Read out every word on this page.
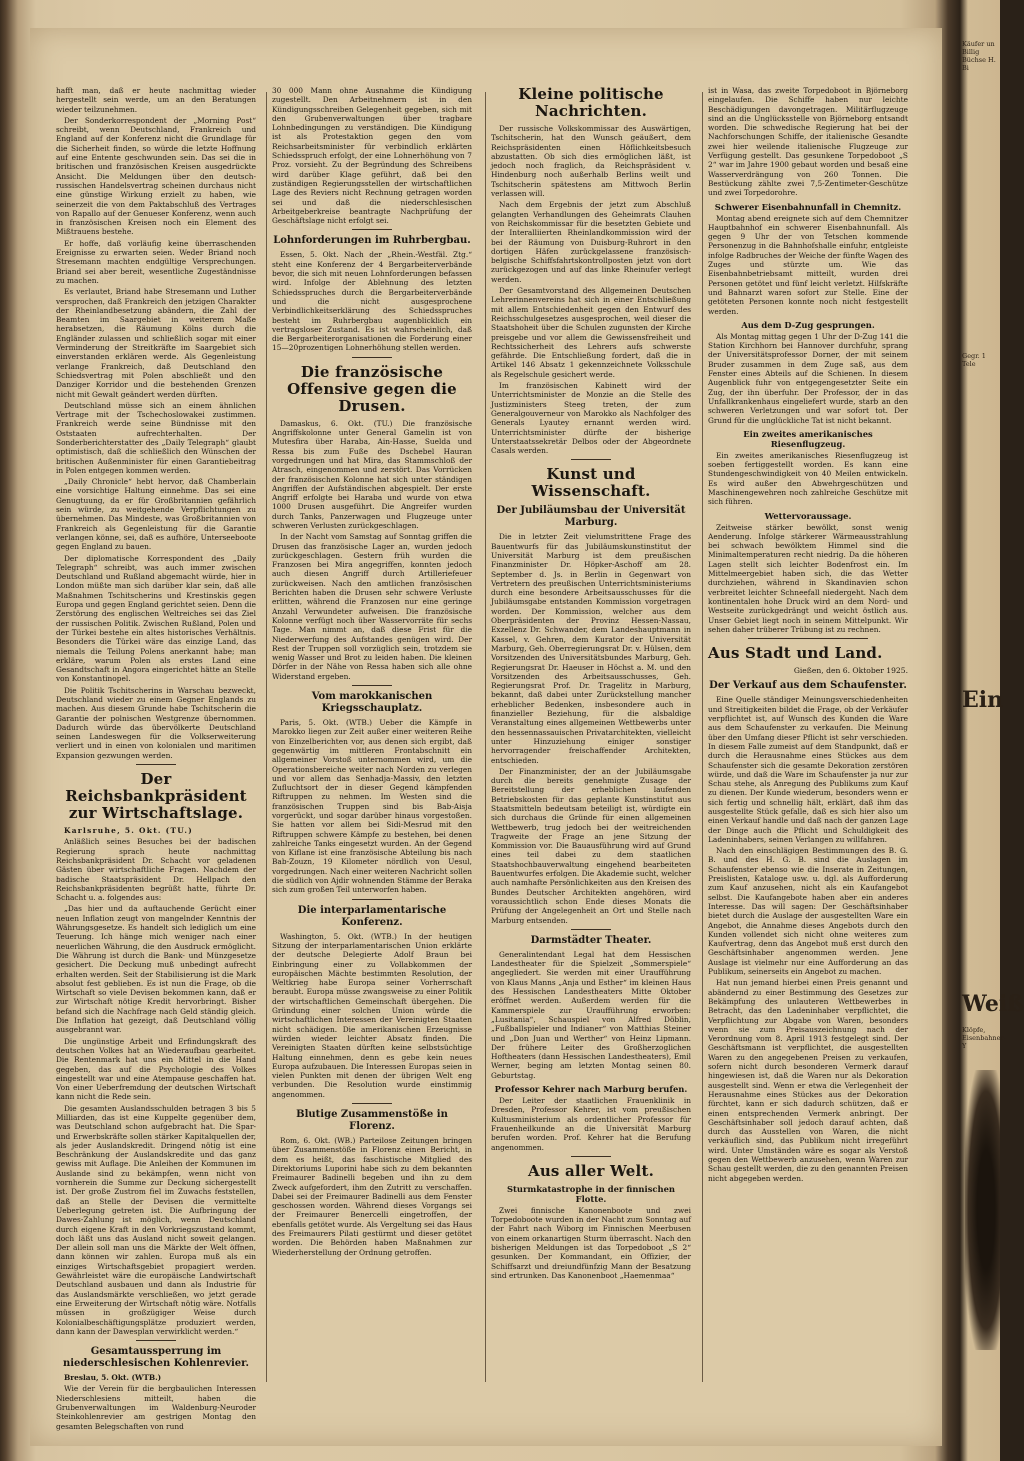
hafft man, daß er heute nachmittag wieder hergestellt sein werde, um an den Beratungen wieder teilzunehmen.

Der Sonderkorrespondent der „Morning Post“ schreibt, wenn Deutschland, Frankreich und England auf der Konferenz nicht die Grundlage für die Sicherheit finden, so würde die letzte Hoffnung auf eine Entente geschwunden sein. Das sei die in britischen und französischen Kreisen ausgedrückte Ansicht. Die Meldungen über den deutsch-russischen Handelsvertrag scheinen durchaus nicht eine günstige Wirkung erzielt zu haben, wie seinerzeit die von dem Paktabschluß des Vertrages von Rapallo auf der Genueser Konferenz, wenn auch in französischen Kreisen noch ein Element des Mißtrauens bestehe.

Er hoffe, daß vorläufig keine überraschenden Ereignisse zu erwarten seien. Weder Briand noch Stresemann machten endgültige Versprechungen. Briand sei aber bereit, wesentliche Zugeständnisse zu machen.

Es verlautet, Briand habe Stresemann und Luther versprochen, daß Frankreich den jetzigen Charakter der Rheinlandbesetzung abändern, die Zahl der Beamten im Saargebiet in weiterem Maße herabsetzen, die Räumung Kölns durch die Engländer zulassen und schließlich sogar mit einer Verminderung der Streitkräfte im Saargebiet sich einverstanden erklären werde. Als Gegenleistung verlange Frankreich, daß Deutschland den Schiedsvertrag mit Polen abschließt und den Danziger Korridor und die bestehenden Grenzen nicht mit Gewalt geändert werden dürften.

Deutschland müsse sich an einem ähnlichen Vertrage mit der Tschechoslowakei zustimmen. Frankreich werde seine Bündnisse mit den Oststaaten aufrechterhalten. Der Sonderberichterstatter des „Daily Telegraph“ glaubt optimistisch, daß die schließlich den Wünschen der britischen Außenminister für einen Garantiebeitrag in Polen entgegen kommen werden.

„Daily Chronicle“ hebt hervor, daß Chamberlain eine vorsichtige Haltung einnehme. Das sei eine Genugtuung, da er für Großbritannien gefährlich sein würde, zu weitgehende Verpflichtungen zu übernehmen. Das Mindeste, was Großbritannien von Frankreich als Gegenleistung für die Garantie verlangen könne, sei, daß es aufhöre, Unterseeboote gegen England zu bauen.

Der diplomatische Korrespondent des „Daily Telegraph“ schreibt, was auch immer zwischen Deutschland und Rußland abgemacht würde, hier in London müßte man sich darüber klar sein, daß alle Maßnahmen Tschitscherins und Krestinskis gegen Europa und gegen England gerichtet seien. Denn die Zerstörung des englischen Weltreiches sei das Ziel der russischen Politik. Zwischen Rußland, Polen und der Türkei bestehe ein altes historisches Verhältnis. Besonders die Türkei wäre das einzige Land, das niemals die Teilung Polens anerkannt habe; man erkläre, warum Polen als erstes Land eine Gesandtschaft in Angora eingerichtet hätte an Stelle von Konstantinopel.

Die Politik Tschitscherins in Warschau bezweckt, Deutschland wieder zu einem Gegner Englands zu machen. Aus diesem Grunde habe Tschitscherin die Garantie der polnischen Westgrenze übernommen. Dadurch würde das übervölkerte Deutschland seinen Landeswegen für die Volkserweiterung verliert und in einen von kolonialen und maritimen Expansion gezwungen werden.

Der Reichsbankpräsident zur Wirtschaftslage.

Karlsruhe, 5. Okt. (TU.)

Anläßlich seines Besuches bei der badischen Regierung sprach heute nachmittag Reichsbankpräsident Dr. Schacht vor geladenen Gästen über wirtschaftliche Fragen. Nachdem der badische Staatspräsident Dr. Hellpach den Reichsbankpräsidenten begrüßt hatte, führte Dr. Schacht u. a. folgendes aus:

„Das hier und da auftauchende Gerücht einer neuen Inflation zeugt von mangelnder Kenntnis der Währungsgesetze. Es handelt sich lediglich um eine Teuerung. Ich hänge mich weniger nach einer neuerlichen Währung, die den Ausdruck ermöglicht. Die Währung ist durch die Bank- und Münzgesetze gesichert. Die Deckung muß unbedingt aufrecht erhalten werden. Seit der Stabilisierung ist die Mark absolut fest geblieben. Es ist nun die Frage, ob die Wirtschaft so viele Devisen bekommen kann, daß er zur Wirtschaft nötige Kredit hervorbringt. Bisher befand sich die Nachfrage nach Geld ständig gleich. Die Inflation hat gezeigt, daß Deutschland völlig ausgebrannt war.

Die ungünstige Arbeit und Erfindungskraft des deutschen Volkes hat an Wiederaufbau gearbeitet. Die Rentenmark hat uns ein Mittel in die Hand gegeben, das auf die Psychologie des Volkes eingestellt war und eine Atempause geschaffen hat. Von einer Ueberfremdung der deutschen Wirtschaft kann nicht die Rede sein.

Die gesamten Auslandsschulden betragen 3 bis 5 Milliarden, das ist eine Kuppelte gegenüber dem, was Deutschland schon aufgebracht hat. Die Spar- und Erwerbskräfte sollen stärker Kapitalquellen der, als jeder Auslandskredit. Dringend nötig ist eine Beschränkung der Auslandskredite und das ganz gewiss mit Auflage. Die Anleihen der Kommunen im Auslande sind zu bekämpfen, wenn nicht von vornherein die Summe zur Deckung sichergestellt ist. Der große Zustrom fiel im Zuwachs feststellen, daß an Stelle der Devisen die vermittelte Ueberlegung getreten ist. Die Aufbringung der Dawes-Zahlung ist möglich, wenn Deutschland durch eigene Kraft in den Vorkriegszustand kommt, doch läßt uns das Ausland nicht soweit gelangen. Der allein soll man uns die Märkte der Welt öffnen, dann können wir zahlen. Europa muß als ein einziges Wirtschaftsgebiet propagiert werden. Gewährleistet wäre die europäische Landwirtschaft Deutschland ausbauen und dann als Industrie für das Auslandsmärkte verschließen, wo jetzt gerade eine Erweiterung der Wirtschaft nötig wäre. Notfalls müssen in großzügiger Weise durch Kolonialbeschäftigungsplätze produziert werden, dann kann der Dawesplan verwirklicht werden.“

Gesamtaussperrung im niederschlesischen Kohlenrevier.

Breslau, 5. Okt. (WTB.)

Wie der Verein für die bergbaulichen Interessen Niederschlesiens mitteilt, haben die Grubenverwaltungen im Waldenburg-Neuroder Steinkohlenrevier am gestrigen Montag den gesamten Belegschaften von rund

30 000 Mann ohne Ausnahme die Kündigung zugestellt. Den Arbeitnehmern ist in den Kündigungsschreiben Gelegenheit gegeben, sich mit den Grubenverwaltungen über tragbare Lohnbedingungen zu verständigen. Die Kündigung ist als Protestaktion gegen den vom Reichsarbeitsminister für verbindlich erklärten Schiedsspruch erfolgt, der eine Lohnerhöhung von 7 Proz. vorsieht. Zu der Begründung des Schreibens wird darüber Klage geführt, daß bei den zuständigen Regierungsstellen der wirtschaftlichen Lage des Reviers nicht Rechnung getragen worden sei und daß die niederschlesischen Arbeitgeberkreise beantragte Nachprüfung der Geschäftslage nicht erfolgt sei.

Lohnforderungen im Ruhrbergbau.

Essen, 5. Okt. Nach der „Rhein.-Westfäl. Ztg.“ steht eine Konferenz der 4 Bergarbeiterverbände bevor, die sich mit neuen Lohnforderungen befassen wird. Infolge der Ablehnung des letzten Schiedsspruches durch die Bergarbeiterverbände und die nicht ausgesprochene Verbindlichkeitserklärung des Schiedsspruches besteht im Ruhrbergbau augenblicklich ein vertragsloser Zustand. Es ist wahrscheinlich, daß die Bergarbeiterorganisationen die Forderung einer 15—20prozentigen Lohnerhöhung stellen werden.

Die französische Offensive gegen die Drusen.

Damaskus, 6. Okt. (TU.) Die französische Angriffskolonne unter General Gamelin ist von Mutesfira über Haraba, Ain-Hasse, Suelda und Ressa bis zum Fuße des Dschebel Hauran vorgedrungen und hat Mira, das Stammschloß der Atrasch, eingenommen und zerstört. Das Vorrücken der französischen Kolonne hat sich unter ständigen Angriffen der Aufständischen abgespielt. Der erste Angriff erfolgte bei Haraba und wurde von etwa 1000 Drusen ausgeführt. Die Angreifer wurden durch Tanks, Panzerwagen und Flugzeuge unter schweren Verlusten zurückgeschlagen.

In der Nacht vom Samstag auf Sonntag griffen die Drusen das französische Lager an, wurden jedoch zurückgeschlagen. Gestern früh wurden die Franzosen bei Mira angegriffen, konnten jedoch auch diesen Angriff durch Artilleriefeuer zurückweisen. Nach den amtlichen französischen Berichten haben die Drusen sehr schwere Verluste erlitten, während die Franzosen nur eine geringe Anzahl Verwundeter aufweisen. Die französische Kolonne verfügt noch über Wasservorräte für sechs Tage. Man nimmt an, daß diese Frist für die Niederwerfung des Aufstandes genügen wird. Der Rest der Truppen soll vorzüglich sein, trotzdem sie wenig Wasser und Brot zu leiden haben. Die kleinen Dörfer in der Nähe von Ressa haben sich alle ohne Widerstand ergeben.

Vom marokkanischen Kriegsschauplatz.

Paris, 5. Okt. (WTB.) Ueber die Kämpfe in Marokko liegen zur Zeit außer einer weiteren Reihe von Einzelberichten vor, aus denen sich ergibt, daß gegenwärtig im mittleren Frontabschnitt ein allgemeiner Vorstoß unternommen wird, um die Operationsbereiche weiter nach Norden zu verlegen und vor allem das Senhadja-Massiv, den letzten Zufluchtsort der in dieser Gegend kämpfenden Riftruppen zu nehmen. Im Westen sind die französischen Truppen sind bis Bab-Aisja vorgerückt, und sogar darüber hinaus vorgestoßen. Sie hatten vor allem bei Sidi-Mesrud mit den Riftruppen schwere Kämpfe zu bestehen, bei denen zahlreiche Tanks eingesetzt wurden. An der Gegend von Kiflane ist eine französische Abteilung bis nach Bab-Zouzn, 19 Kilometer nördlich von Uesul, vorgedrungen. Nach einer weiteren Nachricht sollen die südlich von Ajdir wohnenden Stämme der Beraka sich zum großen Teil unterworfen haben.

Die interparlamentarische Konferenz.

Washington, 5. Okt. (WTB.) In der heutigen Sitzung der interparlamentarischen Union erklärte der deutsche Delegierte Adolf Braun bei Einbringung einer zu Vollabkommen der europäischen Mächte bestimmten Resolution, der Weltkrieg habe Europa seiner Vorherrschaft beraubt. Europa müsse zwangsweise zu einer Politik der wirtschaftlichen Gemeinschaft übergehen. Die Gründung einer solchen Union würde die wirtschaftlichen Interessen der Vereinigten Staaten nicht schädigen. Die amerikanischen Erzeugnisse würden wieder leichter Absatz finden. Die Vereinigten Staaten dürften keine selbstsüchtige Haltung einnehmen, denn es gebe kein neues Europa aufzubauen. Die Interessen Europas seien in vielen Punkten mit denen der übrigen Welt eng verbunden. Die Resolution wurde einstimmig angenommen.

Blutige Zusammenstöße in Florenz.

Rom, 6. Okt. (WB.) Parteilose Zeitungen bringen über Zusammenstöße in Florenz einen Bericht, in dem es heißt, das faschistische Mitglied des Direktoriums Luporini habe sich zu dem bekannten Freimaurer Badinelli begeben und ihn zu dem Zweck aufgefordert, ihm den Zutritt zu verschaffen. Dabei sei der Freimaurer Badinelli aus dem Fenster geschossen worden. Während dieses Vorgangs sei der Freimaurer Benercelli eingetroffen, der ebenfalls getötet wurde. Als Vergeltung sei das Haus des Freimaurers Pilati gestürmt und dieser getötet worden. Die Behörden haben Maßnahmen zur Wiederherstellung der Ordnung getroffen.

Kleine politische Nachrichten.

Der russische Volkskommissar des Auswärtigen, Tschitscherin, hat den Wunsch geäußert, dem Reichspräsidenten einen Höflichkeitsbesuch abzustatten. Ob sich dies ermöglichen läßt, ist jedoch noch fraglich, da Reichspräsident v. Hindenburg noch außerhalb Berlins weilt und Tschitscherin spätestens am Mittwoch Berlin verlassen will.

Nach dem Ergebnis der jetzt zum Abschluß gelangten Verhandlungen des Geheimrats Clauhen von Reichskommissar für die besetzten Gebiete und der Interalliierten Rheinlandkommission wird der bei der Räumung von Duisburg-Ruhrort in den dortigen Häfen zurückgelassene französisch-belgische Schiffsfahrtskontrollposten jetzt von dort zurückgezogen und auf das linke Rheinufer verlegt werden.

Der Gesamtvorstand des Allgemeinen Deutschen Lehrerinnenvereins hat sich in einer Entschließung mit allem Entschiedenheit gegen den Entwurf des Reichsschulgesetzes ausgesprochen, weil dieser die Staatshoheit über die Schulen zugunsten der Kirche preisgebe und vor allem die Gewissensfreiheit und Rechtssicherheit des Lehrers aufs schwerste gefährde. Die Entschließung fordert, daß die in Artikel 146 Absatz 1 gekennzeichnete Volksschule als Regelschule gesichert werde.

Im französischen Kabinett wird der Unterrichtsminister de Monzie an die Stelle des Justizministers Steeg treten, der zum Generalgouverneur von Marokko als Nachfolger des Generals Lyautey ernannt werden wird. Unterrichtsminister dürfte der bisherige Unterstaatssekretär Delbos oder der Abgeordnete Casals werden.

Kunst und Wissenschaft.
Der Jubiläumsbau der Universität Marburg.

Die in letzter Zeit vielumstrittene Frage des Bauentwurfs für das Jubiläumskunstinstitut der Universität Marburg ist dem preußischen Finanzminister Dr. Höpker-Aschoff am 28. September d. Js. in Berlin in Gegenwart von Vertretern des preußischen Unterrichtsministeriums durch eine besondere Arbeitsausschusses für die Jubiläumsgabe entstanden Kommission vorgetragen worden. Der Kommission, welcher aus dem Oberpräsidenten der Provinz Hessen-Nassau, Exzellenz Dr. Schwander, dem Landeshauptmann in Kassel, v. Gehren, dem Kurator der Universität Marburg, Geh. Oberregierungsrat Dr. v. Hülsen, dem Vorsitzenden des Universitätsbundes Marburg, Geh. Regierungsrat Dr. Haeuser in Höchst a. M. und den Vorsitzenden des Arbeitsausschusses, Geh. Regierungsrat Prof. Dr. Tragelitz in Marburg, bekannt, daß dabei unter Zurückstellung mancher erheblicher Bedenken, insbesondere auch in finanzieller Beziehung, für die alsbaldige Veranstaltung eines allgemeinen Wettbewerbs unter den hessennassauischen Privatarchitekten, vielleicht unter Hinzuziehung einiger sonstiger hervorragender freischaffender Architekten, entschieden.

Der Finanzminister, der an der Jubiläumsgabe durch die bereits genehmigte Zusage der Bereitstellung der erheblichen laufenden Betriebskosten für das geplante Kunstinstitut aus Staatsmitteln bedeutsam beteiligt ist, würdigte ein sich durchaus die Gründe für einen allgemeinen Wettbewerb, trug jedoch bei der weitreichenden Tragweite der Frage an jene Sitzung der Kommission vor. Die Bauausführung wird auf Grund eines teil dabei zu dem staatlichen Staatshochbauverwaltung eingehend bearbeiteten Bauentwurfes erfolgen. Die Akademie sucht, welcher auch namhafte Persönlichkeiten aus den Kreisen des Bundes Deutscher Architekten angehören, wird voraussichtlich schon Ende dieses Monats die Prüfung der Angelegenheit an Ort und Stelle nach Marburg entsenden.

Darmstädter Theater.

Generalintendant Legal hat dem Hessischen Landestheater für die Spielzeit „Sommerspiele“ angegliedert. Sie werden mit einer Uraufführung von Klaus Manns „Anja und Esther“ im kleinen Haus des Hessischen Landestheaters Mitte Oktober eröffnet werden. Außerdem werden für die Kammerspiele zur Uraufführung erworben: „Lusitania“, Schauspiel von Alfred Döblin, „Fußballspieler und Indianer“ von Matthias Steiner und „Don Juan und Werther“ von Heinz Lipmann. Der frühere Leiter des Großherzoglichen Hoftheaters (dann Hessischen Landestheaters), Emil Werner, beging am letzten Montag seinen 80. Geburtstag.

Professor Kehrer nach Marburg berufen.

Der Leiter der staatlichen Frauenklinik in Dresden, Professor Kehrer, ist vom preußischen Kultusministerium als ordentlicher Professor für Frauenheilkunde an die Universität Marburg berufen worden. Prof. Kehrer hat die Berufung angenommen.

Aus aller Welt.
Sturmkatastrophe in der finnischen Flotte.

Zwei finnische Kanonenboote und zwei Torpedoboote wurden in der Nacht zum Sonntag auf der Fahrt nach Wiborg im Finnischen Meerbusen von einem orkanartigen Sturm überrascht. Nach den bisherigen Meldungen ist das Torpedoboot „S 2“ gesunken. Der Kommandant, ein Offizier, der Schiffsarzt und dreiundfünfzig Mann der Besatzung sind ertrunken. Das Kanonenboot „Haemenmaa“

ist in Wasa, das zweite Torpedoboot in Björneborg eingelaufen. Die Schiffe haben nur leichte Beschädigungen davongetragen. Militärflugzeuge sind an die Unglücksstelle von Björneborg entsandt worden. Die schwedische Regierung hat bei der Nachforschungen Schiffe, der italienische Gesandte zwei hier weilende italienische Flugzeuge zur Verfügung gestellt. Das gesunkene Torpedoboot „S 2“ war im Jahre 1900 gebaut worden und besaß eine Wasserverdrängung von 260 Tonnen. Die Bestückung zählte zwei 7,5-Zentimeter-Geschütze und zwei Torpedorohre.

Schwerer Eisenbahnunfall in Chemnitz.

Montag abend ereignete sich auf dem Chemnitzer Hauptbahnhof ein schwerer Eisenbahnunfall. Als gegen 9 Uhr der von Tetschen kommende Personenzug in die Bahnhofshalle einfuhr, entgleiste infolge Radbruches der Weiche der fünfte Wagen des Zuges und stürzte um. Wie das Eisenbahnbetriebsamt mitteilt, wurden drei Personen getötet und fünf leicht verletzt. Hilfskräfte und Bahnarzt waren sofort zur Stelle. Eine der getöteten Personen konnte noch nicht festgestellt werden.

Aus dem D-Zug gesprungen.

Als Montag mittag gegen 1 Uhr der D-Zug 141 die Station Kirchhorn bei Hannover durchfuhr, sprang der Universitätsprofessor Dorner, der mit seinem Bruder zusammen in dem Zuge saß, aus dem Fenster eines Abteils auf die Schienen. In diesem Augenblick fuhr von entgegengesetzter Seite ein Zug, der ihn überfuhr. Der Professor, der in das Unfallkrankenhaus eingeliefert wurde, starb an den schweren Verletzungen und war sofort tot. Der Grund für die unglückliche Tat ist nicht bekannt.

Ein zweites amerikanisches Riesenflugzeug.

Ein zweites amerikanisches Riesenflugzeug ist soeben fertiggestellt worden. Es kann eine Stundengeschwindigkeit von 40 Meilen entwickeln. Es wird außer den Abwehrgeschützen und Maschinengewehren noch zahlreiche Geschütze mit sich führen.

Wettervoraussage.

Zeitweise stärker bewölkt, sonst wenig Aenderung. Infolge stärkerer Wärmeausstrahlung bei schwach bewölktem Himmel sind die Minimaltemperaturen recht niedrig. Da die höheren Lagen stellt sich leichter Bodenfrost ein. Im Mittelmeergebiet haben sich, die das Wetter durchziehen, während in Skandinavien schon verbreitet leichter Schneefall niedergeht. Nach dem kontinentalen hohe Druck wird an dem Nord- und Westseite zurückgedrängt und weicht östlich aus. Unser Gebiet liegt noch in seinem Mittelpunkt. Wir sehen daher trüberer Trübung ist zu rechnen.

Aus Stadt und Land.

Gießen, den 6. Oktober 1925.

Der Verkauf aus dem Schaufenster.

Eine Quelle ständiger Meinungsverschiedenheiten und Streitigkeiten bildet die Frage, ob der Verkäufer verpflichtet ist, auf Wunsch des Kunden die Ware aus dem Schaufenster zu verkaufen. Die Meinung über den Umfang dieser Pflicht ist sehr verschieden. In diesem Falle zumeist auf dem Standpunkt, daß er durch die Herausnahme eines Stückes aus dem Schaufenster sich die gesamte Dekoration zerstören würde, und daß die Ware im Schaufenster ja nur zur Schau stehe, als Anregung des Publikums zum Kauf zu dienen. Der Kunde wiederum, besonders wenn er sich fertig und schnellig hält, erklärt, daß ihm das ausgestellte Stück gefalle, daß es sich hier also um einen Verkauf handle und daß nach der ganzen Lage der Dinge auch die Pflicht und Schuldigkeit des Ladeninhabers, seinen Verlangen zu willfahren.

Nach den einschlägigen Bestimmungen des B. G. B. und des H. G. B. sind die Auslagen im Schaufenster ebenso wie die Inserate in Zeitungen, Preislisten, Kataloge usw. u. dgl. als Aufforderung zum Kauf anzusehen, nicht als ein Kaufangebot selbst. Die Kaufangebote haben aber ein anderes Interesse. Das will sagen: Der Geschäftsinhaber bietet durch die Auslage der ausgestellten Ware ein Angebot, die Annahme dieses Angebots durch den Kunden vollendet sich nicht ohne weiteres zum Kaufvertrag, denn das Angebot muß erst durch den Geschäftsinhaber angenommen werden. Jene Auslage ist vielmehr nur eine Aufforderung an das Publikum, seinerseits ein Angebot zu machen.

Hat nun jemand hierbei einen Preis genannt und abändernd zu einer Bestimmung des Gesetzes zur Bekämpfung des unlauteren Wettbewerbes in Betracht, das den Ladeninhaber verpflichtet, die Verpflichtung zur Abgabe von Waren, besonders wenn sie zum Preisauszeichnung nach der Verordnung vom 8. April 1913 festgelegt sind. Der Geschäftsmann ist verpflichtet, die ausgestellten Waren zu den angegebenen Preisen zu verkaufen, sofern nicht durch besonderen Vermerk darauf hingewiesen ist, daß die Waren nur als Dekoration ausgestellt sind. Wenn er etwa die Verlegenheit der Herausnahme eines Stückes aus der Dekoration fürchtet, kann er sich dadurch schützen, daß er einen entsprechenden Vermerk anbringt. Der Geschäftsinhaber soll jedoch darauf achten, daß durch das Ausstellen von Waren, die nicht verkäuflich sind, das Publikum nicht irregeführt wird. Unter Umständen wäre es sogar als Verstoß gegen den Wettbewerb anzusehen, wenn Waren zur Schau gestellt werden, die zu den genannten Preisen nicht abgegeben werden.

Käufer un Billig Büchse H. Bi
Gegr. 1 Tele
Ein
Weiß
Klöpfe, Eisenbahner-Y
